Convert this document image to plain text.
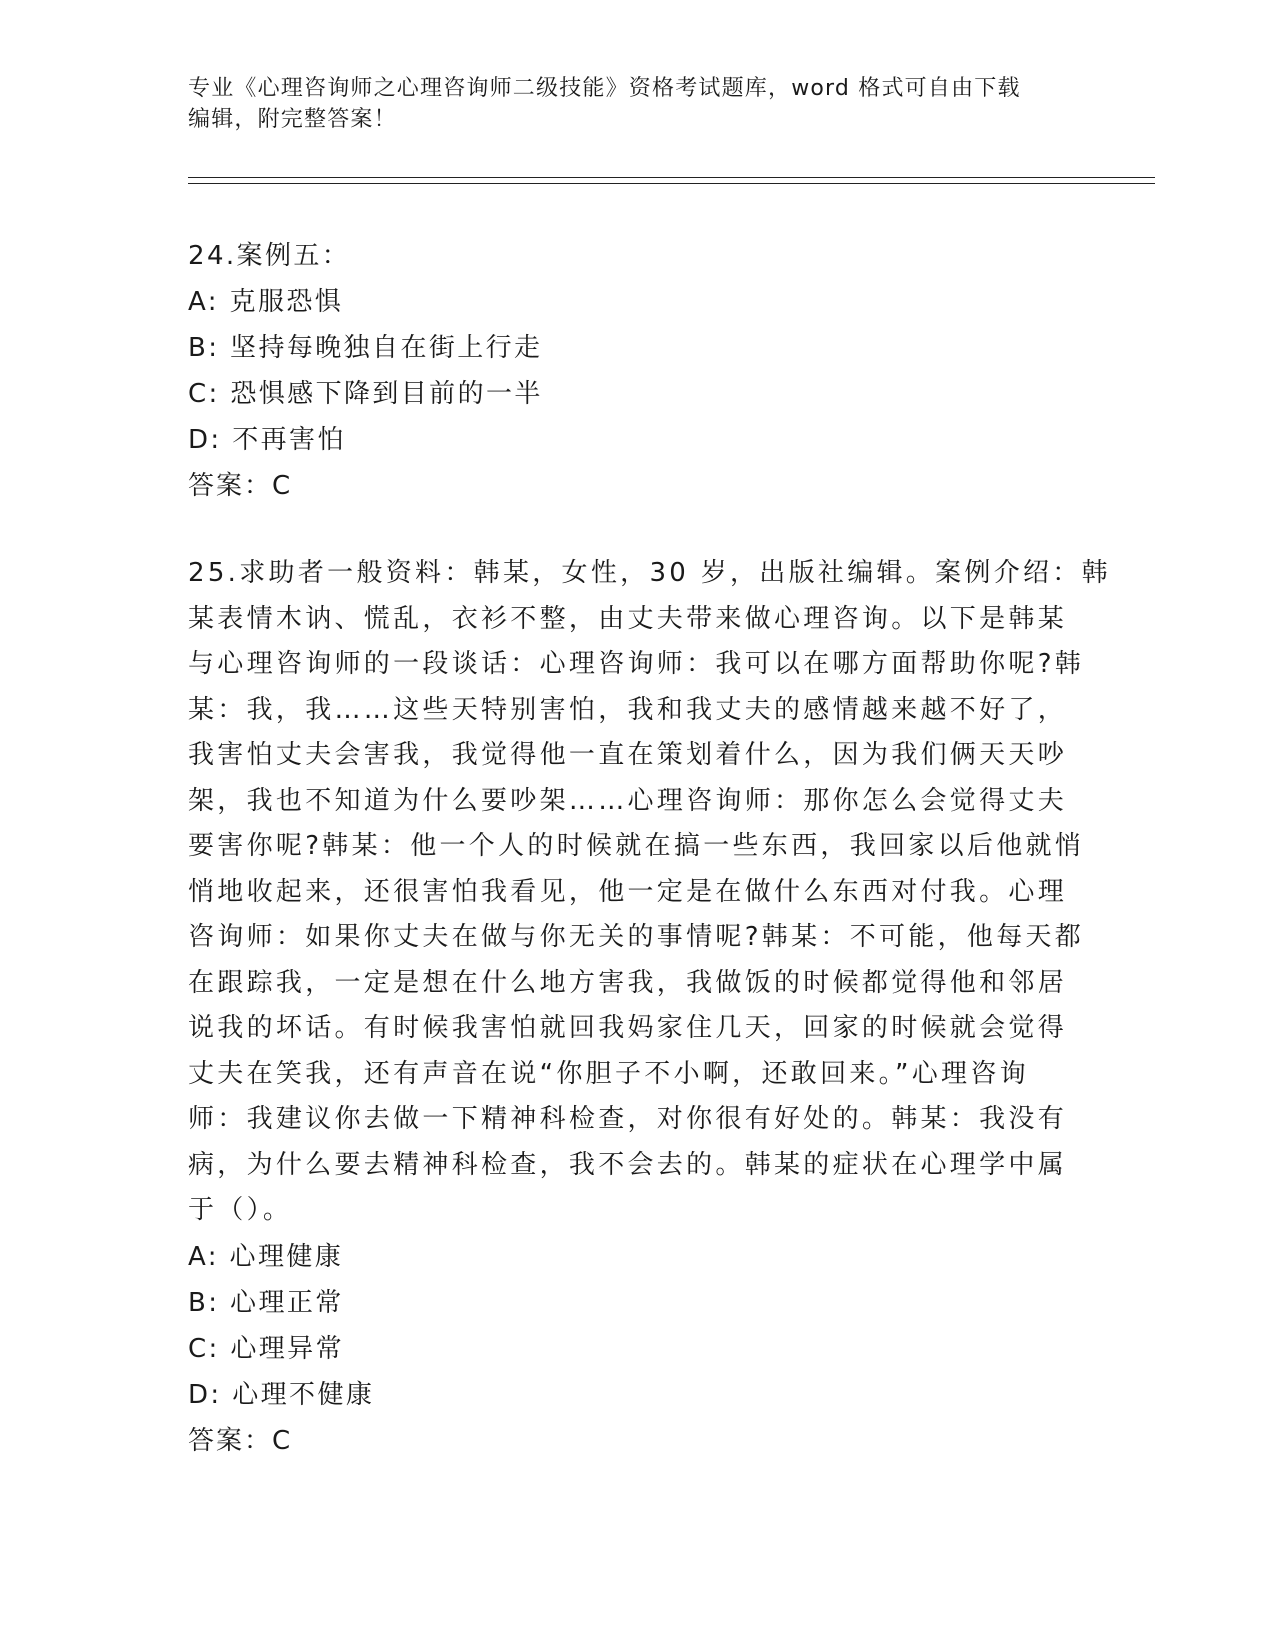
专业《心理咨询师之心理咨询师二级技能》资格考试题库，word 格式可自由下载
编辑，附完整答案！
24.案例五：
A: 克服恐惧
B: 坚持每晚独自在街上行走
C: 恐惧感下降到目前的一半
D: 不再害怕
答案：C
25.求助者一般资料：韩某，女性，30 岁，出版社编辑。案例介绍：韩
某表情木讷、慌乱，衣衫不整，由丈夫带来做心理咨询。以下是韩某
与心理咨询师的一段谈话：心理咨询师：我可以在哪方面帮助你呢?韩
某：我，我……这些天特别害怕，我和我丈夫的感情越来越不好了，
我害怕丈夫会害我，我觉得他一直在策划着什么，因为我们俩天天吵
架，我也不知道为什么要吵架……心理咨询师：那你怎么会觉得丈夫
要害你呢?韩某：他一个人的时候就在搞一些东西，我回家以后他就悄
悄地收起来，还很害怕我看见，他一定是在做什么东西对付我。心理
咨询师：如果你丈夫在做与你无关的事情呢?韩某：不可能，他每天都
在跟踪我，一定是想在什么地方害我，我做饭的时候都觉得他和邻居
说我的坏话。有时候我害怕就回我妈家住几天，回家的时候就会觉得
丈夫在笑我，还有声音在说“你胆子不小啊，还敢回来。”心理咨询
师：我建议你去做一下精神科检查，对你很有好处的。韩某：我没有
病，为什么要去精神科检查，我不会去的。韩某的症状在心理学中属
于（）。
A: 心理健康
B: 心理正常
C: 心理异常
D: 心理不健康
答案：C
